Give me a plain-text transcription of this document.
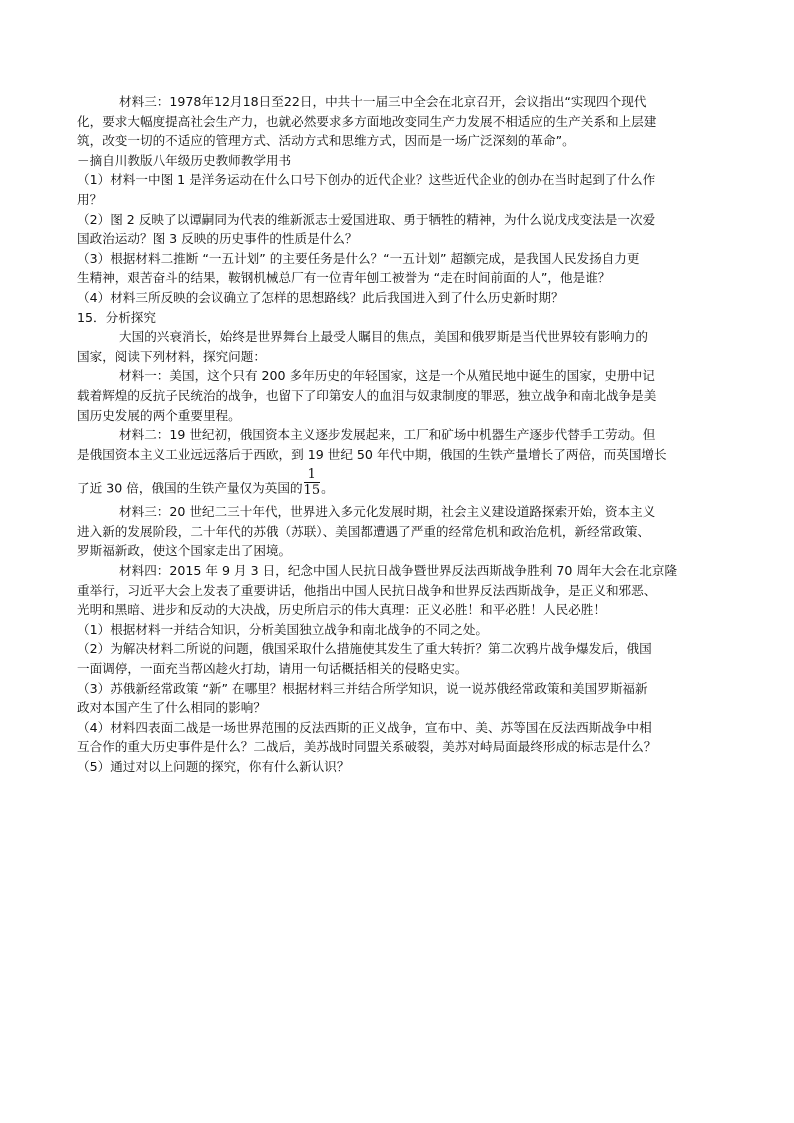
材料三：1978年12月18日至22日，中共十一届三中全会在北京召开，会议指出“实现四个现代
化，要求大幅度提高社会生产力，也就必然要求多方面地改变同生产力发展不相适应的生产关系和上层建
筑，改变一切的不适应的管理方式、活动方式和思维方式，因而是一场广泛深刻的革命”。
－摘自川教版八年级历史教师教学用书
（1）材料一中图 1 是洋务运动在什么口号下创办的近代企业？这些近代企业的创办在当时起到了什么作
用？
（2）图 2 反映了以谭嗣同为代表的维新派志士爱国进取、勇于牺牲的精神，为什么说戊戌变法是一次爱
国政治运动？图 3 反映的历史事件的性质是什么？
（3）根据材料二推断 “一五计划” 的主要任务是什么？“一五计划” 超额完成，是我国人民发扬自力更
生精神，艰苦奋斗的结果，鞍钢机械总厂有一位青年刨工被誉为 “走在时间前面的人”，他是谁？
（4）材料三所反映的会议确立了怎样的思想路线？此后我国进入到了什么历史新时期？
15．分析探究
大国的兴衰消长，始终是世界舞台上最受人瞩目的焦点，美国和俄罗斯是当代世界较有影响力的
国家，阅读下列材料，探究问题：
材料一：美国，这个只有 200 多年历史的年轻国家，这是一个从殖民地中诞生的国家，史册中记
载着辉煌的反抗子民统治的战争，也留下了印第安人的血泪与奴隶制度的罪恶，独立战争和南北战争是美
国历史发展的两个重要里程。
材料二：19 世纪初，俄国资本主义逐步发展起来，工厂和矿场中机器生产逐步代替手工劳动。但
是俄国资本主义工业远远落后于西欧，到 19 世纪 50 年代中期，俄国的生铁产量增长了两倍，而英国增长
了近 30 倍，俄国的生铁产量仅为英国的 $\frac{1}{15}$ 。
材料三：20 世纪二三十年代，世界进入多元化发展时期，社会主义建设道路探索开始，资本主义
进入新的发展阶段，二十年代的苏俄（苏联）、美国都遭遇了严重的经常危机和政治危机，新经常政策、
罗斯福新政，使这个国家走出了困境。
材料四：2015 年 9 月 3 日，纪念中国人民抗日战争暨世界反法西斯战争胜利 70 周年大会在北京隆
重举行，习近平大会上发表了重要讲话，他指出中国人民抗日战争和世界反法西斯战争，是正义和邪恶、
光明和黑暗、进步和反动的大决战，历史所启示的伟大真理：正义必胜！和平必胜！人民必胜！
（1）根据材料一并结合知识，分析美国独立战争和南北战争的不同之处。
（2）为解决材料二所说的问题，俄国采取什么措施使其发生了重大转折？第二次鸦片战争爆发后，俄国
一面调停，一面充当帮凶趁火打劫，请用一句话概括相关的侵略史实。
（3）苏俄新经常政策 “新” 在哪里？根据材料三并结合所学知识，说一说苏俄经常政策和美国罗斯福新
政对本国产生了什么相同的影响？
（4）材料四表面二战是一场世界范围的反法西斯的正义战争，宣布中、美、苏等国在反法西斯战争中相
互合作的重大历史事件是什么？二战后，美苏战时同盟关系破裂，美苏对峙局面最终形成的标志是什么？
（5）通过对以上问题的探究，你有什么新认识？
